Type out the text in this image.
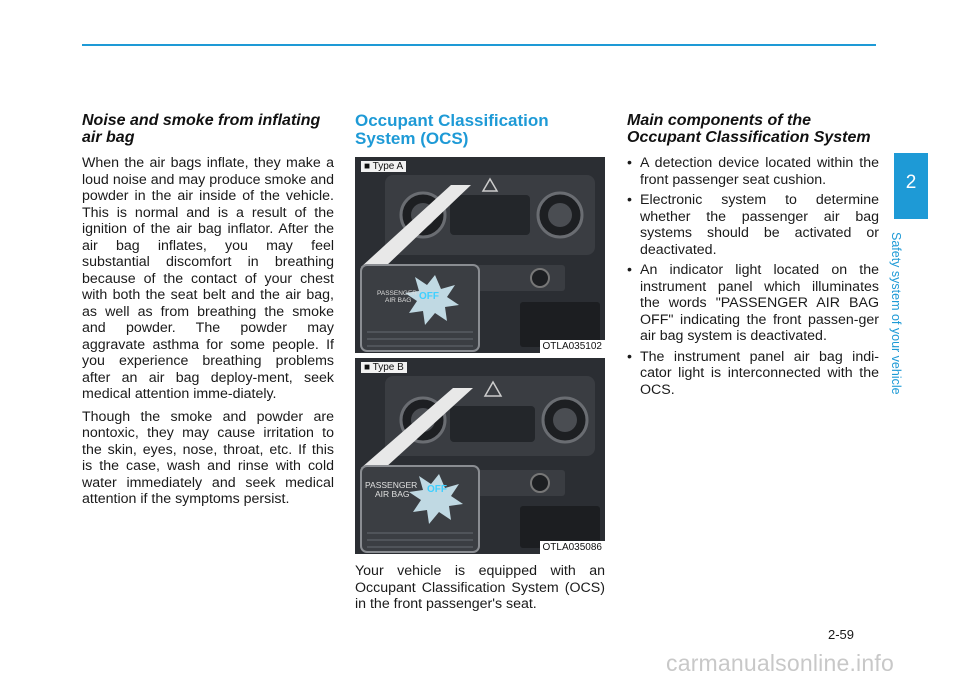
Noise and smoke from inflating air bag

When the air bags inflate, they make a loud noise and may produce smoke and powder in the air inside of the vehicle. This is normal and is a result of the ignition of the air bag inflator. After the air bag inflates, you may feel substantial discomfort in breathing because of the contact of your chest with both the seat belt and the air bag, as well as from breathing the smoke and powder. The powder may aggravate asthma for some people. If you experience breathing problems after an air bag deploy-ment, seek medical attention imme-diately.

Though the smoke and powder are nontoxic, they may cause irritation to the skin, eyes, nose, throat, etc. If this is the case, wash and rinse with cold water immediately and seek medical attention if the symptoms persist.

Occupant Classification System (OCS)
PASSENGER
AIR BAG OFF
■ Type A
OTLA035102
PASSENGER
AIR BAG OFF
■ Type B
OTLA035086

Your vehicle is equipped with an Occupant Classification System (OCS) in the front passenger's seat.

Main components of the Occupant Classification System
• A detection device located within the front passenger seat cushion.
• Electronic system to determine whether the passenger air bag systems should be activated or deactivated.
• An indicator light located on the instrument panel which illuminates the words "PASSENGER AIR BAG OFF" indicating the front passen-ger air bag system is deactivated.
• The instrument panel air bag indi-cator light is interconnected with the OCS.
2
Safety system of your vehicle
2-59
carmanualsonline.info
